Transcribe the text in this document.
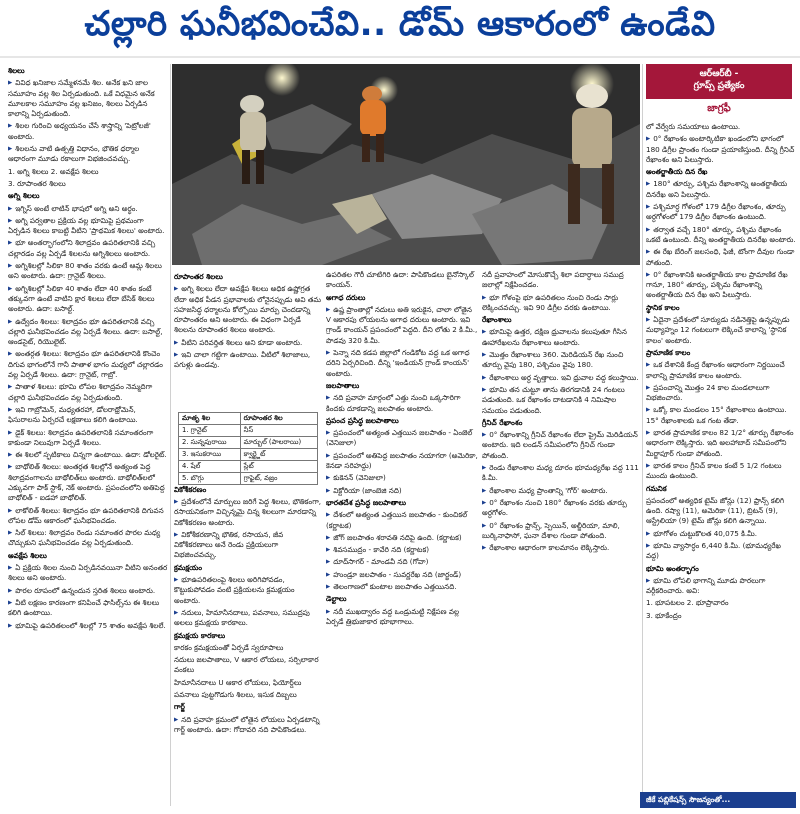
చల్లారి ఘనీభవించేవి.. డోమ్ ఆకారంలో ఉండేవి
ఆర్ఆర్‌బీ -
గ్రూప్స్ ప్రత్యేకం
జాగ్రఫీ

శిలలు

▶ వివిధ ఖనిజాల సమ్మేళనమే శిల. అనేక ఖని జాల సమూహం వల్ల శిల ఏర్పడుతుంది. ఒకే విధమైన అనేక మూలకాల సమూహం వల్ల ఖనిజం, శిలలు ఏర్పడిన కాలాన్ని ఏర్పడుతుంది.

▶ శిలల గురించి అధ్యయనం చేసే శాస్త్రాన్ని 'పెట్రోలజీ' అంటారు.

▶ శిలలను వాటి ఉత్పత్తి విధానం, భౌతిక ధర్మాల ఆధారంగా మూడు రకాలుగా విభజించవచ్చు.

1. అగ్ని శిలలు 2. అవక్షేప శిలలు

3. రూపాంతర శిలలు

అగ్ని శిలలు

▶ ఇగ్నిస్ అంటే లాటిన్ భాషలో అగ్ని అని అర్థం.

▶ అగ్ని పర్వతాల ప్రక్రియ వల్ల భూమిపై ప్రథమంగా ఏర్పడిన శిలలు కాబట్టి వీటిని 'ప్రాథమిక శిలలు' అంటారు.

▶ భూ అంతర్భాగంలోని శిలాద్రవం ఉపరితలానికి వచ్చి చల్లారడం వల్ల ఏర్పడే శిలలను అగ్నిశిలలు అంటారు.

▶ అగ్నిశిలల్లో సిలికా 80 శాతం వరకు ఉంటే ఆమ్ల శిలలు అని అంటారు. ఉదా: గ్రానైట్ శిలలు.

▶ అగ్నిశిలల్లో సిలికా 40 శాతం లేదా 40 శాతం కంటే తక్కువగా ఉంటే వాటిని క్షార శిలలు లేదా బేసిక్ శిలలు అంటారు. ఉదా: బసాల్ట్.

▶ ఉద్వేదం శిలలు: శిలాద్రవం భూ ఉపరితలానికి వచ్చి చల్లారి ఘనీభవించడం వల్ల ఏర్పడే శిలలు. ఉదా: బసాల్ట్, ఆండసైట్, రియొలైట్.

▶ అంతర్గత శిలలు: శిలాద్రవం భూ ఉపరితలానికి కొంచెం దిగువ భాగంలోనే గానీ పాతాళ భాగం మధ్యలో చల్లారడం వల్ల ఏర్పడే శిలలు. ఉదా: గ్రానైట్, గాబ్రో.

▶ పాతాళ శిలలు: భూమి లోపల శిలాద్రవం నెమ్మదిగా చల్లారి ఘనీభవించడం వల్ల ఏర్పడుతుంది.

▶ ఇవి గాబ్రోమెన్, మధ్యతరహా, డోలరాథ్రోమెన్, ఫిసురాలను ఏర్పరచే లక్షణాలు కలిగి ఉంటాయి.

▶ డైక్ శిలలు: శిలాద్రవం ఉపరితలానికి సమాంతరంగా కాకుండా నిలువుగా ఏర్పడే శిలలు.

▶ ఈ శిలలో స్ఫటికాలు చిన్నగా ఉంటాయి. ఉదా: డోలరైట్.

▶ బాథోలిత్ శిలలు: అంతర్గత శిలల్లోనే అత్యంత పెద్ద శిలాద్రవంగాలను బాథోలిత్‌లు అంటారు. బాథోలిత్‌లలో ఎక్కువగా పాక్ స్టాక్, నెక్ అంటారు. ప్రపంచంలోని అతిపెద్ద బాథోలిత్ - ఐడహా బాథోలిత్.

▶ లాకోలిత్ శిలలు: శిలాద్రవం భూ ఉపరితలానికి దిగువన లోపల డోమ్ ఆకారంలో ఘనీభవించడం.

▶ సిల్ శిలలు: శిలాద్రవం రెండు సమాంతర పొరల మధ్య చొచ్చుకుని ఘనీభవించడం వల్ల ఏర్పడుతుంది.

అవక్షేప శిలలు

▶ ఏ ప్రక్రియ శిలల నుంచి ఏర్పడినవయినా వీటిని అనంతర శిలలు అని అంటారు.

▶ పొరల రూపంలో ఉన్నందున స్తరిత శిలలు అంటారు.

▶ వీటి లక్షణం కారణంగా కనిపించే ఫాసిల్స్‌ను ఈ శిలలు కలిగి ఉంటాయి.

▶ భూమిపై ఉపరితలంలో శిలల్లో 75 శాతం అవక్షేప శిలలే.

రూపాంతర శిలలు

▶ అగ్ని శిలలు లేదా అవక్షేప శిలలు అధిక ఉష్ణోగ్రత లేదా అధిక పీడన ప్రభావాలకు లోనైనప్పుడు అవి తమ సహజసిద్ధ ధర్మాలను కోల్పోయి మార్పు చెందడాన్ని రూపాంతరం అని అంటారు. ఈ విధంగా ఏర్పడే శిలలను రూపాంతర శిలలు అంటారు.

▶ వీటిని పరివర్తిత శిలలు అని కూడా అంటారు.

▶ ఇవి చాలా గట్టిగా ఉంటాయి. వీటిలో శిలాజాలు, పగుళ్లు ఉండవు.

వికోశీకరణం

▶ ప్రదేశంలోనే మార్పులు జరిగే పెద్ద శిలలు, భౌతికంగా, రసాయనికంగా విచ్ఛిన్నమై చిన్న శిలలుగా మారడాన్ని వికోశీకరణం అంటారు.

▶ వికోశీకరణాన్ని భౌతిక, రసాయన, జీవ వికోశీకరణాలు అనే రెండు ప్రక్రియలుగా విభజించవచ్చు.

క్రమక్షయం

▶ భూఉపరితలంపై శిలలు అరిగిపోవడం, కొట్టుకుపోవడం వంటి ప్రక్రియలను క్రమక్షయం అంటారు.

▶ నదులు, హిమానీనదాలు, పవనాలు, సముద్రపు అలలు క్రమక్షయ కారకాలు.

క్రమక్షయ కారకాలు

కారకం క్రమక్షయంతో ఏర్పడే స్వరూపాలు

నదులు జలపాతాలు, V ఆకార లోయలు, సర్పిలాకార వంకలు

హిమానీనదాలు U ఆకార లోయలు, ఫియోర్డ్‌లు

పవనాలు పుట్టగొడుగు శిలలు, ఇసుక దిబ్బలు

గార్జ్

▶ నది ప్రవాహ క్రమంలో లోతైన లోయలు ఏర్పడటాన్ని గార్జ్ అంటారు. ఉదా: గోదావరి నది పాపికొండలు.

ఉపరితల గౌరీ చూటిగిరి ఉదా: పాపికొండలు బైనోస్కాల్ కాంయన్.

అగాధ దరులు

▶ ఉష్ణ ప్రాంతాల్లో నదులు అతి ఇరుకైన, చాలా లోతైన V ఆకారపు లోయలను అగాధ దరులు అంటారు. ఇవి గ్రాండ్ కాంయన్ ప్రపంచంలో పెద్దది. దీని లోతు 2 కి.మీ., పొడవు 320 కి.మీ.

▶ పెన్నా నది కడప జిల్లాలో గండికోట వద్ద ఒక అగాధ దరిని ఏర్పరిచింది. దీన్ని 'ఇండియన్ గ్రాండ్ కాంయన్' అంటారు.

జలపాతాలు

▶ నది ప్రవాహ మార్గంలో ఎత్తు నుంచి ఒక్కసారిగా కిందకు దూకడాన్ని జలపాతం అంటారు.

ప్రపంచ ప్రసిద్ధ జలపాతాలు

▶ ప్రపంచంలో అత్యంత ఎత్తయిన జలపాతం - ఏంజెల్ (వెనిజులా)

▶ ప్రపంచంలో అతిపెద్ద జలపాతం నయాగరా (అమెరికా, కెనడా సరిహద్దు)

▶ కుకెనన్ (వెనిజులా)

▶ విక్టోరియా (జాంబెజి నది)

భారతదేశ ప్రసిద్ధ జలపాతాలు

▶ దేశంలో అత్యంత ఎత్తయిన జలపాతం - కుంచికల్ (కర్ణాటక)

▶ జోగ్ జలపాతం శరావతి నదిపై ఉంది. (కర్ణాటక)

▶ శివసముద్రం - కావేరి నది (కర్ణాటక)

▶ దూద్‌సాగర్ - మాండవీ నది (గోవా)

▶ హుండ్రూ జలపాతం - సువర్ణరేఖ నది (జార్ఖండ్)

▶ తెలంగాణలో కుంటాల జలపాతం ఎత్తయినది.

డెల్టాలు

▶ నదీ ముఖద్వారం వద్ద ఒండ్రుమట్టి నిక్షేపణ వల్ల ఏర్పడే త్రిభుజాకార భూభాగాలు.

నదీ ప్రవాహంలో మోసుకొచ్చే శిలా పదార్థాలు సముద్ర జలాల్లో నిక్షేపించడం.

▶ భూ గోళంపై భూ ఉపరితలం నుంచి రెండు సార్లు లెక్కించవచ్చు. ఇవి 90 డిగ్రీల వరకు ఉంటాయి.

రేఖాంశాలు

▶ భూమిపై ఉత్తర, దక్షిణ ధ్రువాలను కలుపుతూ గీసిన ఊహారేఖలను రేఖాంశాలు అంటారు.

▶ మొత్తం రేఖాంశాలు 360. మెరిడియన్ రేఖ నుంచి తూర్పు వైపు 180, పశ్చిమం వైపు 180.

▶ రేఖాంశాలు అర్ధ వృత్తాలు. ఇవి ధ్రువాల వద్ద కలుస్తాయి.

▶ భూమి తన చుట్టూ తాను తిరగడానికి 24 గంటలు పడుతుంది. ఒక రేఖాంశం దాటడానికి 4 నిమిషాల సమయం పడుతుంది.

గ్రీనిచ్ రేఖాంశం

▶ 0° రేఖాంశాన్ని గ్రీనిచ్ రేఖాంశం లేదా ప్రైమ్ మెరిడియన్ అంటారు. ఇది లండన్ సమీపంలోని గ్రీనిచ్ గుండా పోతుంది.

▶ రెండు రేఖాంశాల మధ్య దూరం భూమధ్యరేఖ వద్ద 111 కి.మీ.

▶ రేఖాంశాల మధ్య ప్రాంతాన్ని 'గోర్' అంటారు.

▶ 0° రేఖాంశం నుంచి 180° రేఖాంశం వరకు తూర్పు అర్ధగోళం.

▶ 0° రేఖాంశం ఫ్రాన్స్, స్పెయిన్, అల్జీరియా, మాలి, బుర్కినాఫాసో, ఘనా దేశాల గుండా పోతుంది.

▶ రేఖాంశాల ఆధారంగా కాలమానం లెక్కిస్తారు.

లో వేర్వేరు సమయాలు ఉంటాయి.

▶ 0° రేఖాంశం అంటార్కిటికా ఖండంలోని భాగంలో 180 డిగ్రీల ప్రాంతం గుండా ప్రయాణిస్తుంది. దీన్ని గ్రీనిచ్ రేఖాంశం అని పిలుస్తారు.

అంతర్జాతీయ దిన రేఖ

▶ 180° తూర్పు, పశ్చిమ రేఖాంశాన్ని అంతర్జాతీయ దినరేఖ అని పిలుస్తారు.

▶ పశ్చిమార్ధ గోళంలో 179 డిగ్రీల రేఖాంశం, తూర్పు అర్ధగోళంలో 179 డిగ్రీల రేఖాంశం ఉంటుంది.

▶ తర్వాత వచ్చే 180° తూర్పు, పశ్చిమ రేఖాంశం ఒకటే ఉంటుంది. దీన్ని అంతర్జాతీయ దినరేఖ అంటారు.

▶ ఈ రేఖ బేరింగ్ జలసంధి, ఫిజీ, టోంగా దీవుల గుండా పోతుంది.

▶ 0° రేఖాంశానికి అంతర్జాతీయ కాల ప్రామాణిక రేఖ గానూ, 180° తూర్పు, పశ్చిమ రేఖాంశాన్ని అంతర్జాతీయ దిన రేఖ అని పిలుస్తారు.

స్థానిక కాలం

▶ ఏదైనా ప్రదేశంలో సూర్యుడు నడినెత్తిపై ఉన్నప్పుడు మధ్యాహ్నం 12 గంటలుగా లెక్కించే కాలాన్ని 'స్థానిక కాలం' అంటారు.

ప్రామాణిక కాలం

▶ ఒక దేశానికి కేంద్ర రేఖాంశం ఆధారంగా నిర్ణయించే కాలాన్ని ప్రామాణిక కాలం అంటారు.

▶ ప్రపంచాన్ని మొత్తం 24 కాల మండలాలుగా విభజించారు.

▶ ఒక్కో కాల మండలం 15° రేఖాంశాలు ఉంటాయి. 15° రేఖాంశాలకు ఒక గంట తేడా.

▶ భారత ప్రామాణిక కాలం 82 1/2° తూర్పు రేఖాంశం ఆధారంగా లెక్కిస్తారు. ఇది అలహాబాద్ సమీపంలోని మీర్జాపూర్ గుండా పోతుంది.

▶ భారత కాలం గ్రీనిచ్ కాలం కంటే 5 1/2 గంటలు ముందు ఉంటుంది.

గమనిక

ప్రపంచంలో అత్యధిక టైమ్ జోన్లు (12) ఫ్రాన్స్ కలిగి ఉంది. రష్యా (11), అమెరికా (11), బ్రిటన్ (9), ఆస్ట్రేలియా (9) టైమ్ జోన్లు కలిగి ఉన్నాయి.

▶ భూగోళం చుట్టుకొలత 40,075 కి.మీ.

▶ భూమి వ్యాసార్ధం 6,440 కి.మీ. (భూమధ్యరేఖ వద్ద)

భూమి అంతర్భాగం

▶ భూమి లోపలి భాగాన్ని మూడు పొరలుగా వర్గీకరించారు. అవి:

1. భూపటలం 2. భూప్రావారం

3. భూకేంద్రం

మాతృ శిల	రూపాంతర శిల
1. గ్రానైట్	నీస్
2. సున్నపురాయి	మార్బుల్ (పాలరాయి)
3. ఇసుకరాయి	క్వార్ట్జైట్
4. షేల్	స్లేట్
5. బొగ్గు	గ్రాఫైట్, వజ్రం
జీకే పబ్లికేషన్స్ సౌజన్యంతో...
